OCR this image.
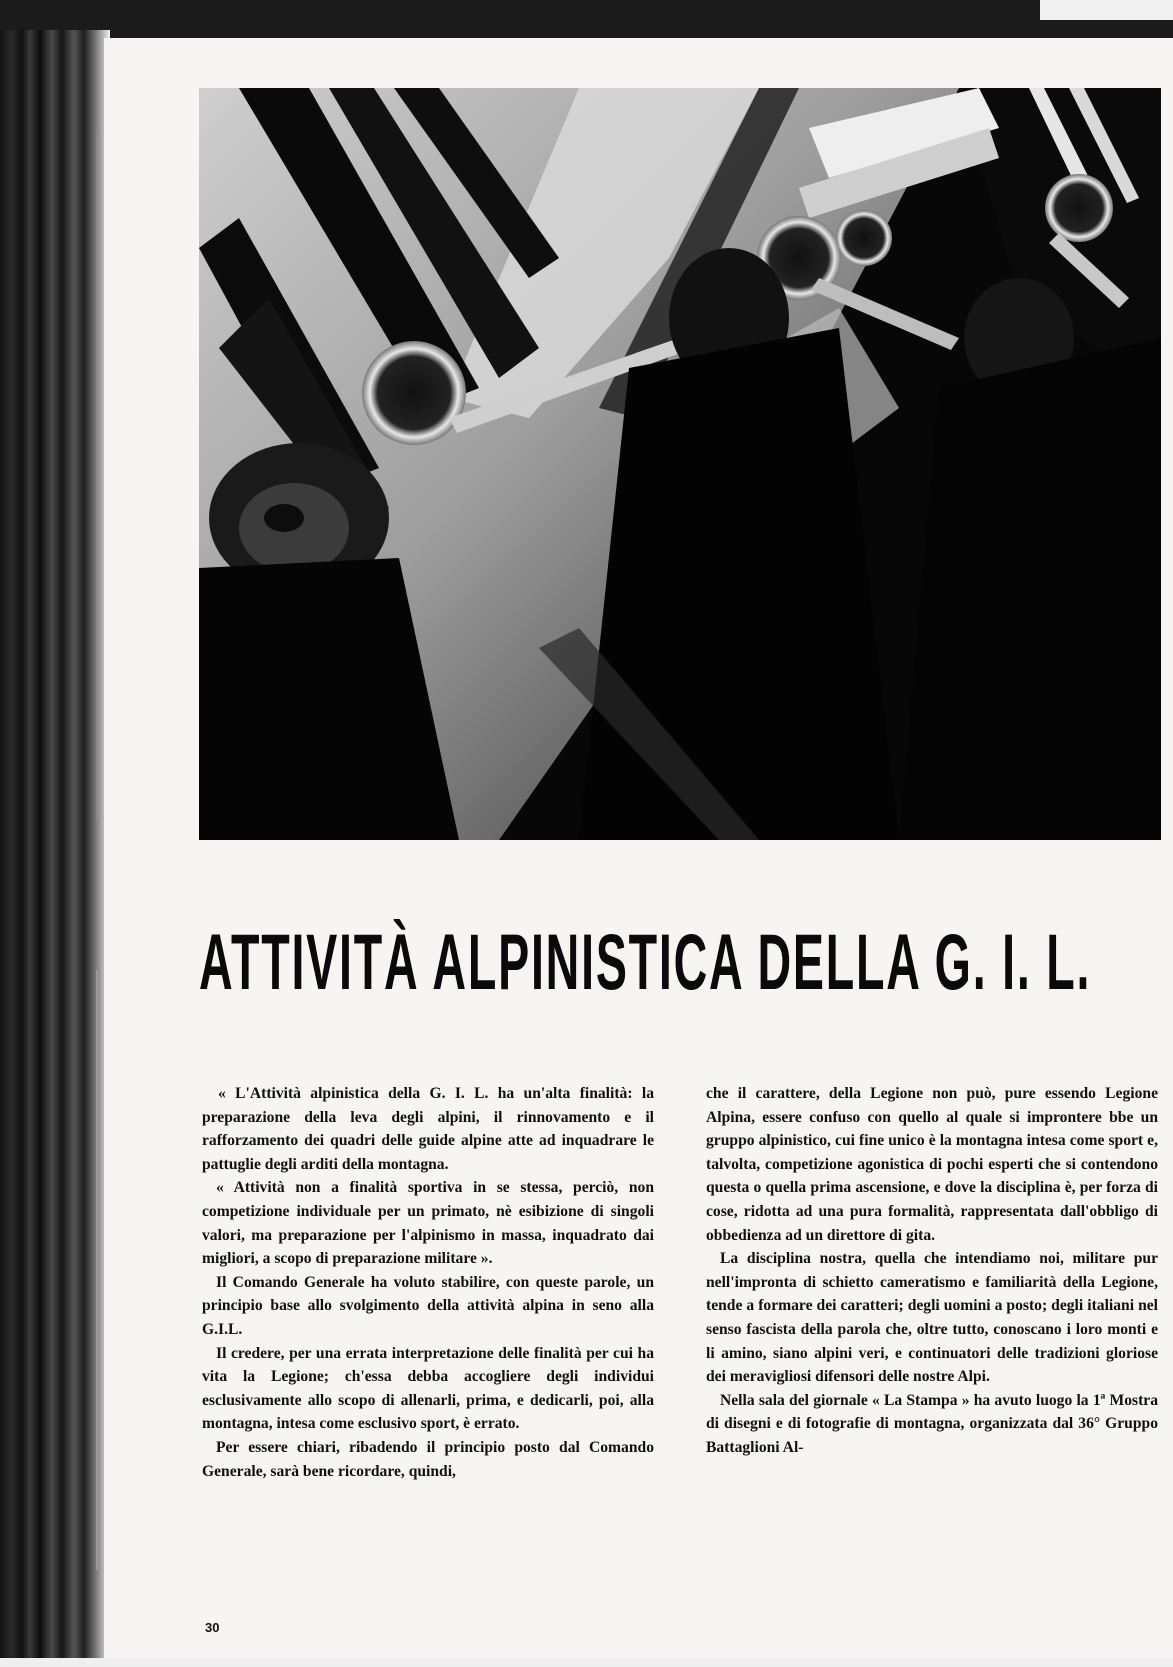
ATTIVITÀ ALPINISTICA DELLA G. I. L.

« L'Attività alpinistica della G. I. L. ha un'alta finalità: la preparazione della leva degli alpini, il rinnovamento e il rafforzamento dei quadri delle guide alpine atte ad inquadrare le pattuglie degli arditi della montagna.

« Attività non a finalità sportiva in se stessa, perciò, non competizione individuale per un primato, nè esibizione di singoli valori, ma preparazione per l'alpinismo in massa, inquadrato dai migliori, a scopo di preparazione militare ».

Il Comando Generale ha voluto stabilire, con queste parole, un principio base allo svolgimento della attività alpina in seno alla G.I.L.

Il credere, per una errata interpretazione delle finalità per cui ha vita la Legione; ch'essa debba accogliere degli individui esclusivamente allo scopo di allenarli, prima, e dedicarli, poi, alla montagna, intesa come esclusivo sport, è errato.

Per essere chiari, ribadendo il principio posto dal Comando Generale, sarà bene ricordare, quindi,

che il carattere, della Legione non può, pure essendo Legione Alpina, essere confuso con quello al quale si improntere bbe un gruppo alpinistico, cui fine unico è la montagna intesa come sport e, talvolta, competizione agonistica di pochi esperti che si contendono questa o quella prima ascensione, e dove la disciplina è, per forza di cose, ridotta ad una pura formalità, rappresentata dall'obbligo di obbedienza ad un direttore di gita.

La disciplina nostra, quella che intendiamo noi, militare pur nell'impronta di schietto cameratismo e familiarità della Legione, tende a formare dei caratteri; degli uomini a posto; degli italiani nel senso fascista della parola che, oltre tutto, conoscano i loro monti e li amino, siano alpini veri, e continuatori delle tradizioni gloriose dei meravigliosi difensori delle nostre Alpi.

Nella sala del giornale « La Stampa » ha avuto luogo la 1ª Mostra di disegni e di fotografie di montagna, organizzata dal 36° Gruppo Battaglioni Al-

30
